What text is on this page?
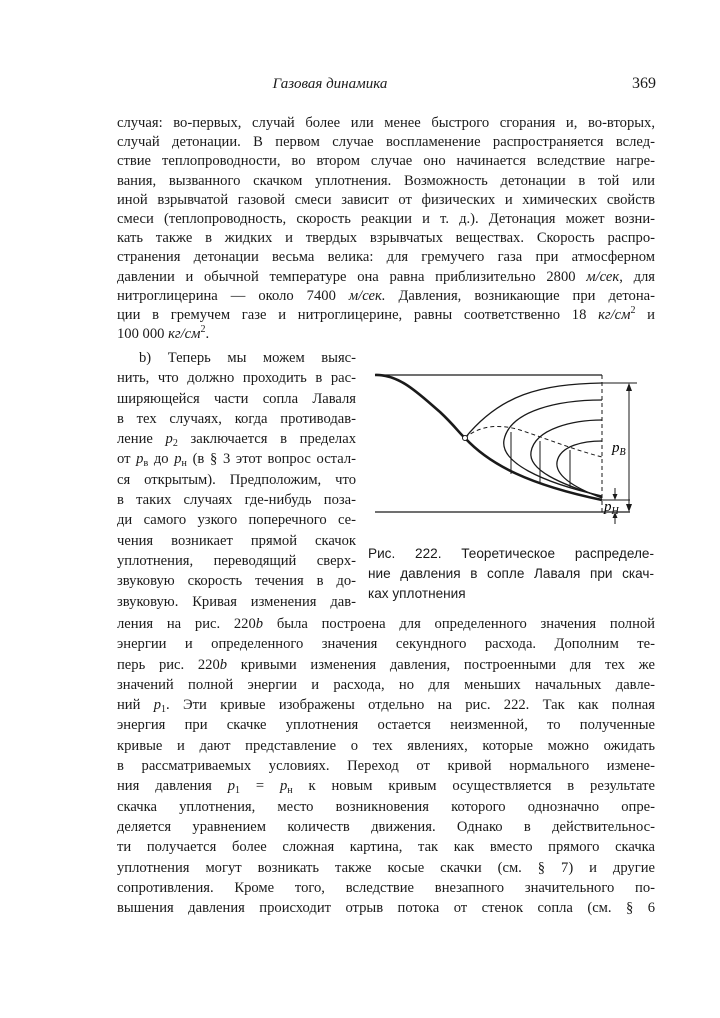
Газовая динамика	369
случая: во-первых, случай более или менее быстрого сгорания и, во-вторых,
случай детонации. В первом случае воспламенение распространяется вслед-
ствие теплопроводности, во втором случае оно начинается вследствие нагре-
вания, вызванного скачком уплотнения. Возможность детонации в той или
иной взрывчатой газовой смеси зависит от физических и химических свойств
смеси (теплопроводность, скорость реакции и т. д.). Детонация может возни-
кать также в жидких и твердых взрывчатых веществах. Скорость распро-
странения детонации весьма велика: для гремучего газа при атмосферном
давлении и обычной температуре она равна приблизительно 2800 м/сек, для
нитроглицерина — около 7400 м/сек. Давления, возникающие при детона-
ции в гремучем газе и нитроглицерине, равны соответственно 18 $кг/см^2$ и
100 000 $кг/см^2$.
b) Теперь мы можем выяс-
нить, что должно проходить в рас-
ширяющейся части сопла Лаваля
в тех случаях, когда противодав-
ление $p_2$ заключается в пределах
от $p_в$ до $p_н$ (в § 3 этот вопрос остал-
ся открытым). Предположим, что
в таких случаях где-нибудь поза-
ди самого узкого поперечного се-
чения возникает прямой скачок
уплотнения, переводящий сверх-
звуковую скорость течения в до-
звуковую. Кривая изменения дав-
ления на рис. 220b была построена для определенного значения полной
энергии и определенного значения секундного расхода. Дополним те-
перь рис. 220b кривыми изменения давления, построенными для тех же
значений полной энергии и расхода, но для меньших начальных давле-
ний $p_1$. Эти кривые изображены отдельно на рис. 222. Так как полная
энергия при скачке уплотнения остается неизменной, то полученные
кривые и дают представление о тех явлениях, которые можно ожидать
в рассматриваемых условиях. Переход от кривой нормального измене-
ния давления $p_1 = p_н$ к новым кривым осуществляется в результате
скачка уплотнения, место возникновения которого однозначно опре-
деляется уравнением количеств движения. Однако в действительнос-
ти получается более сложная картина, так как вместо прямого скачка
уплотнения могут возникать также косые скачки (см. § 7) и другие
сопротивления. Кроме того, вследствие внезапного значительного по-
вышения давления происходит отрыв потока от стенок сопла (см. § 6
$p_B$
$p_H$
Рис. 222. Теоретическое распределе-
ние давления в сопле Лаваля при скач-
ках уплотнения
